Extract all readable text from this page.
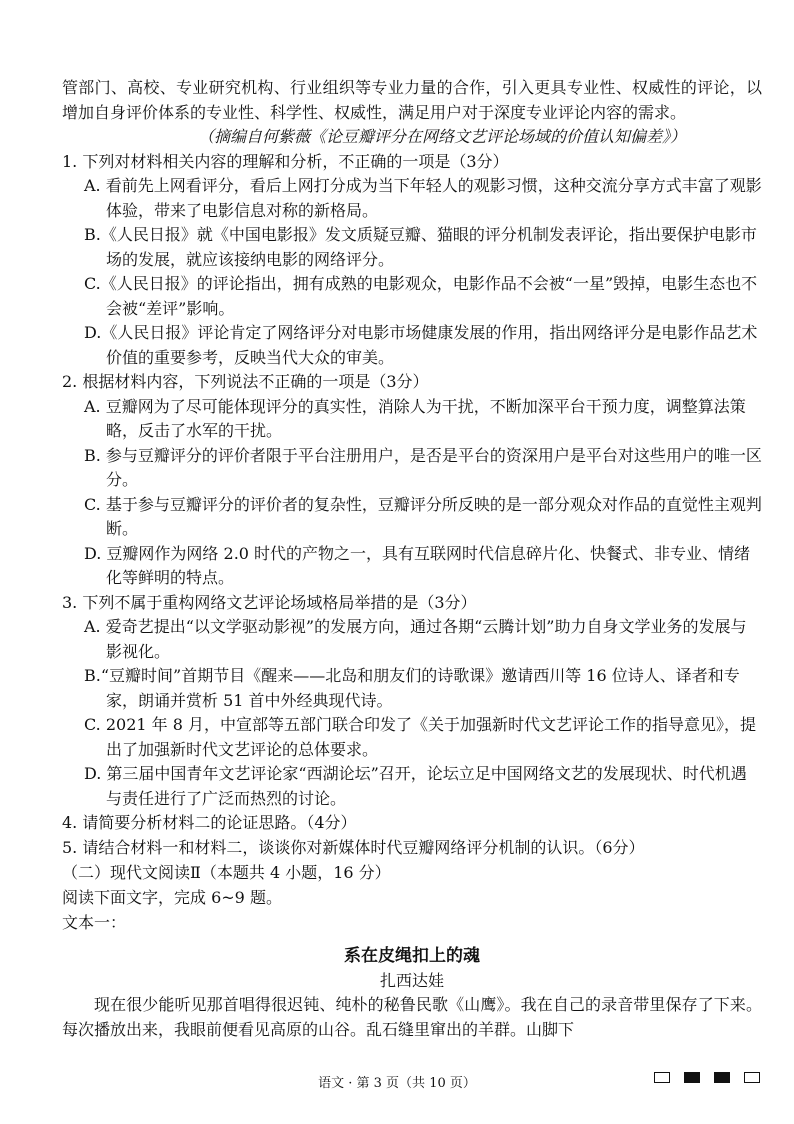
管部门、高校、专业研究机构、行业组织等专业力量的合作，引入更具专业性、权威性的评论，以增加自身评价体系的专业性、科学性、权威性，满足用户对于深度专业评论内容的需求。

（摘编自何紫薇《论豆瓣评分在网络文艺评论场域的价值认知偏差》）

1. 下列对材料相关内容的理解和分析，不正确的一项是（3分）

A. 看前先上网看评分，看后上网打分成为当下年轻人的观影习惯，这种交流分享方式丰富了观影体验，带来了电影信息对称的新格局。

B.《人民日报》就《中国电影报》发文质疑豆瓣、猫眼的评分机制发表评论，指出要保护电影市场的发展，就应该接纳电影的网络评分。

C.《人民日报》的评论指出，拥有成熟的电影观众，电影作品不会被“一星”毁掉，电影生态也不会被“差评”影响。

D.《人民日报》评论肯定了网络评分对电影市场健康发展的作用，指出网络评分是电影作品艺术价值的重要参考，反映当代大众的审美。

2. 根据材料内容，下列说法不正确的一项是（3分）

A. 豆瓣网为了尽可能体现评分的真实性，消除人为干扰，不断加深平台干预力度，调整算法策略，反击了水军的干扰。

B. 参与豆瓣评分的评价者限于平台注册用户，是否是平台的资深用户是平台对这些用户的唯一区分。

C. 基于参与豆瓣评分的评价者的复杂性，豆瓣评分所反映的是一部分观众对作品的直觉性主观判断。

D. 豆瓣网作为网络 2.0 时代的产物之一，具有互联网时代信息碎片化、快餐式、非专业、情绪化等鲜明的特点。

3. 下列不属于重构网络文艺评论场域格局举措的是（3分）

A. 爱奇艺提出“以文学驱动影视”的发展方向，通过各期“云腾计划”助力自身文学业务的发展与影视化。

B.“豆瓣时间”首期节目《醒来——北岛和朋友们的诗歌课》邀请西川等 16 位诗人、译者和专家，朗诵并赏析 51 首中外经典现代诗。

C. 2021 年 8 月，中宣部等五部门联合印发了《关于加强新时代文艺评论工作的指导意见》，提出了加强新时代文艺评论的总体要求。

D. 第三届中国青年文艺评论家“西湖论坛”召开，论坛立足中国网络文艺的发展现状、时代机遇与责任进行了广泛而热烈的讨论。

4. 请简要分析材料二的论证思路。（4分）

5. 请结合材料一和材料二，谈谈你对新媒体时代豆瓣网络评分机制的认识。（6分）

（二）现代文阅读Ⅱ（本题共 4 小题，16 分）

阅读下面文字，完成 6~9 题。

文本一：

系在皮绳扣上的魂

扎西达娃

现在很少能听见那首唱得很迟钝、纯朴的秘鲁民歌《山鹰》。我在自己的录音带里保存了下来。每次播放出来，我眼前便看见高原的山谷。乱石缝里窜出的羊群。山脚下

语文 · 第 3 页（共 10 页）
